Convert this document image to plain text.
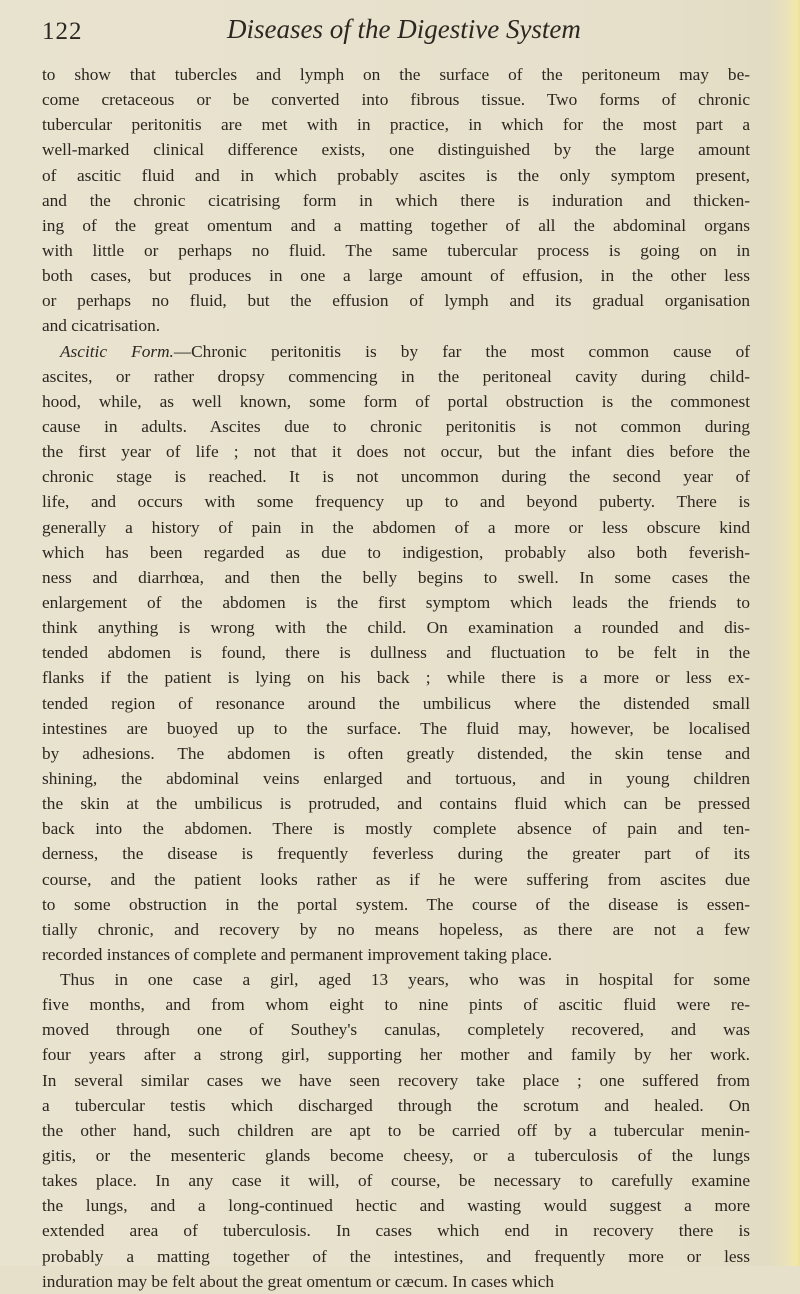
122	Diseases of the Digestive System
to show that tubercles and lymph on the surface of the peritoneum may be-
come cretaceous or be converted into fibrous tissue. Two forms of chronic
tubercular peritonitis are met with in practice, in which for the most part a
well-marked clinical difference exists, one distinguished by the large amount
of ascitic fluid and in which probably ascites is the only symptom present,
and the chronic cicatrising form in which there is induration and thicken-
ing of the great omentum and a matting together of all the abdominal organs
with little or perhaps no fluid. The same tubercular process is going on in
both cases, but produces in one a large amount of effusion, in the other less
or perhaps no fluid, but the effusion of lymph and its gradual organisation
and cicatrisation.
Ascitic Form.—Chronic peritonitis is by far the most common cause of
ascites, or rather dropsy commencing in the peritoneal cavity during child-
hood, while, as well known, some form of portal obstruction is the commonest
cause in adults. Ascites due to chronic peritonitis is not common during
the first year of life ; not that it does not occur, but the infant dies before the
chronic stage is reached. It is not uncommon during the second year of
life, and occurs with some frequency up to and beyond puberty. There is
generally a history of pain in the abdomen of a more or less obscure kind
which has been regarded as due to indigestion, probably also both feverish-
ness and diarrhœa, and then the belly begins to swell. In some cases the
enlargement of the abdomen is the first symptom which leads the friends to
think anything is wrong with the child. On examination a rounded and dis-
tended abdomen is found, there is dullness and fluctuation to be felt in the
flanks if the patient is lying on his back ; while there is a more or less ex-
tended region of resonance around the umbilicus where the distended small
intestines are buoyed up to the surface. The fluid may, however, be localised
by adhesions. The abdomen is often greatly distended, the skin tense and
shining, the abdominal veins enlarged and tortuous, and in young children
the skin at the umbilicus is protruded, and contains fluid which can be pressed
back into the abdomen. There is mostly complete absence of pain and ten-
derness, the disease is frequently feverless during the greater part of its
course, and the patient looks rather as if he were suffering from ascites due
to some obstruction in the portal system. The course of the disease is essen-
tially chronic, and recovery by no means hopeless, as there are not a few
recorded instances of complete and permanent improvement taking place.
Thus in one case a girl, aged 13 years, who was in hospital for some
five months, and from whom eight to nine pints of ascitic fluid were re-
moved through one of Southey's canulas, completely recovered, and was
four years after a strong girl, supporting her mother and family by her work.
In several similar cases we have seen recovery take place ; one suffered from
a tubercular testis which discharged through the scrotum and healed. On
the other hand, such children are apt to be carried off by a tubercular menin-
gitis, or the mesenteric glands become cheesy, or a tuberculosis of the lungs
takes place. In any case it will, of course, be necessary to carefully examine
the lungs, and a long-continued hectic and wasting would suggest a more
extended area of tuberculosis. In cases which end in recovery there is
probably a matting together of the intestines, and frequently more or less
induration may be felt about the great omentum or cæcum. In cases which
